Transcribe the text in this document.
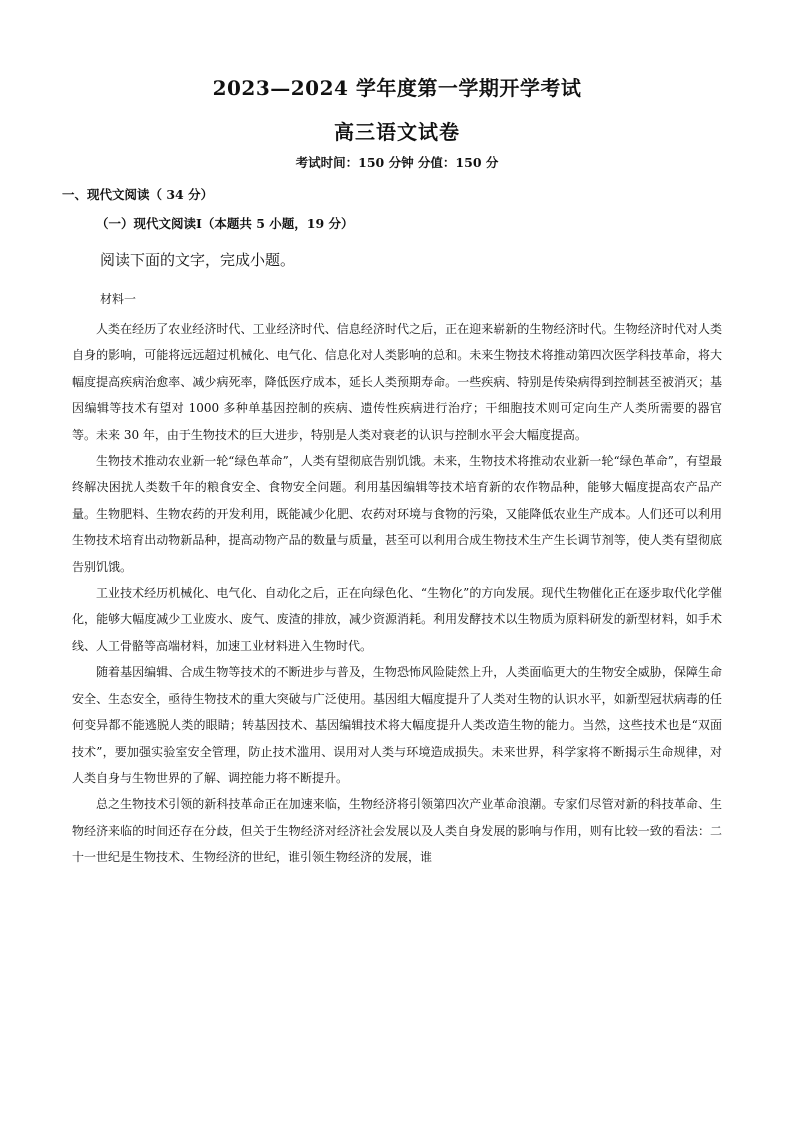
2023—2024 学年度第一学期开学考试
高三语文试卷
考试时间：150 分钟 分值：150 分
一、现代文阅读（ 34 分）
（一）现代文阅读Ⅰ（本题共 5 小题，19 分）
阅读下面的文字，完成小题。
材料一

人类在经历了农业经济时代、工业经济时代、信息经济时代之后，正在迎来崭新的生物经济时代。生物经济时代对人类自身的影响，可能将远远超过机械化、电气化、信息化对人类影响的总和。未来生物技术将推动第四次医学科技革命，将大幅度提高疾病治愈率、减少病死率，降低医疗成本，延长人类预期寿命。一些疾病、特别是传染病得到控制甚至被消灭；基因编辑等技术有望对 1000 多种单基因控制的疾病、遗传性疾病进行治疗；干细胞技术则可定向生产人类所需要的器官等。未来 30 年，由于生物技术的巨大进步，特别是人类对衰老的认识与控制水平会大幅度提高。

生物技术推动农业新一轮“绿色革命”，人类有望彻底告别饥饿。未来，生物技术将推动农业新一轮“绿色革命”，有望最终解决困扰人类数千年的粮食安全、食物安全问题。利用基因编辑等技术培育新的农作物品种，能够大幅度提高农产品产量。生物肥料、生物农药的开发利用，既能减少化肥、农药对环境与食物的污染，又能降低农业生产成本。人们还可以利用生物技术培育出动物新品种，提高动物产品的数量与质量，甚至可以利用合成生物技术生产生长调节剂等，使人类有望彻底告别饥饿。

工业技术经历机械化、电气化、自动化之后，正在向绿色化、“生物化”的方向发展。现代生物催化正在逐步取代化学催化，能够大幅度减少工业废水、废气、废渣的排放，减少资源消耗。利用发酵技术以生物质为原料研发的新型材料，如手术线、人工骨骼等高端材料，加速工业材料进入生物时代。

随着基因编辑、合成生物等技术的不断进步与普及，生物恐怖风险陡然上升，人类面临更大的生物安全威胁，保障生命安全、生态安全，亟待生物技术的重大突破与广泛使用。基因组大幅度提升了人类对生物的认识水平，如新型冠状病毒的任何变异都不能逃脱人类的眼睛；转基因技术、基因编辑技术将大幅度提升人类改造生物的能力。当然，这些技术也是“双面技术”，要加强实验室安全管理，防止技术滥用、误用对人类与环境造成损失。未来世界，科学家将不断揭示生命规律，对人类自身与生物世界的了解、调控能力将不断提升。

总之生物技术引领的新科技革命正在加速来临，生物经济将引领第四次产业革命浪潮。专家们尽管对新的科技革命、生物经济来临的时间还存在分歧，但关于生物经济对经济社会发展以及人类自身发展的影响与作用，则有比较一致的看法：二十一世纪是生物技术、生物经济的世纪，谁引领生物经济的发展，谁
